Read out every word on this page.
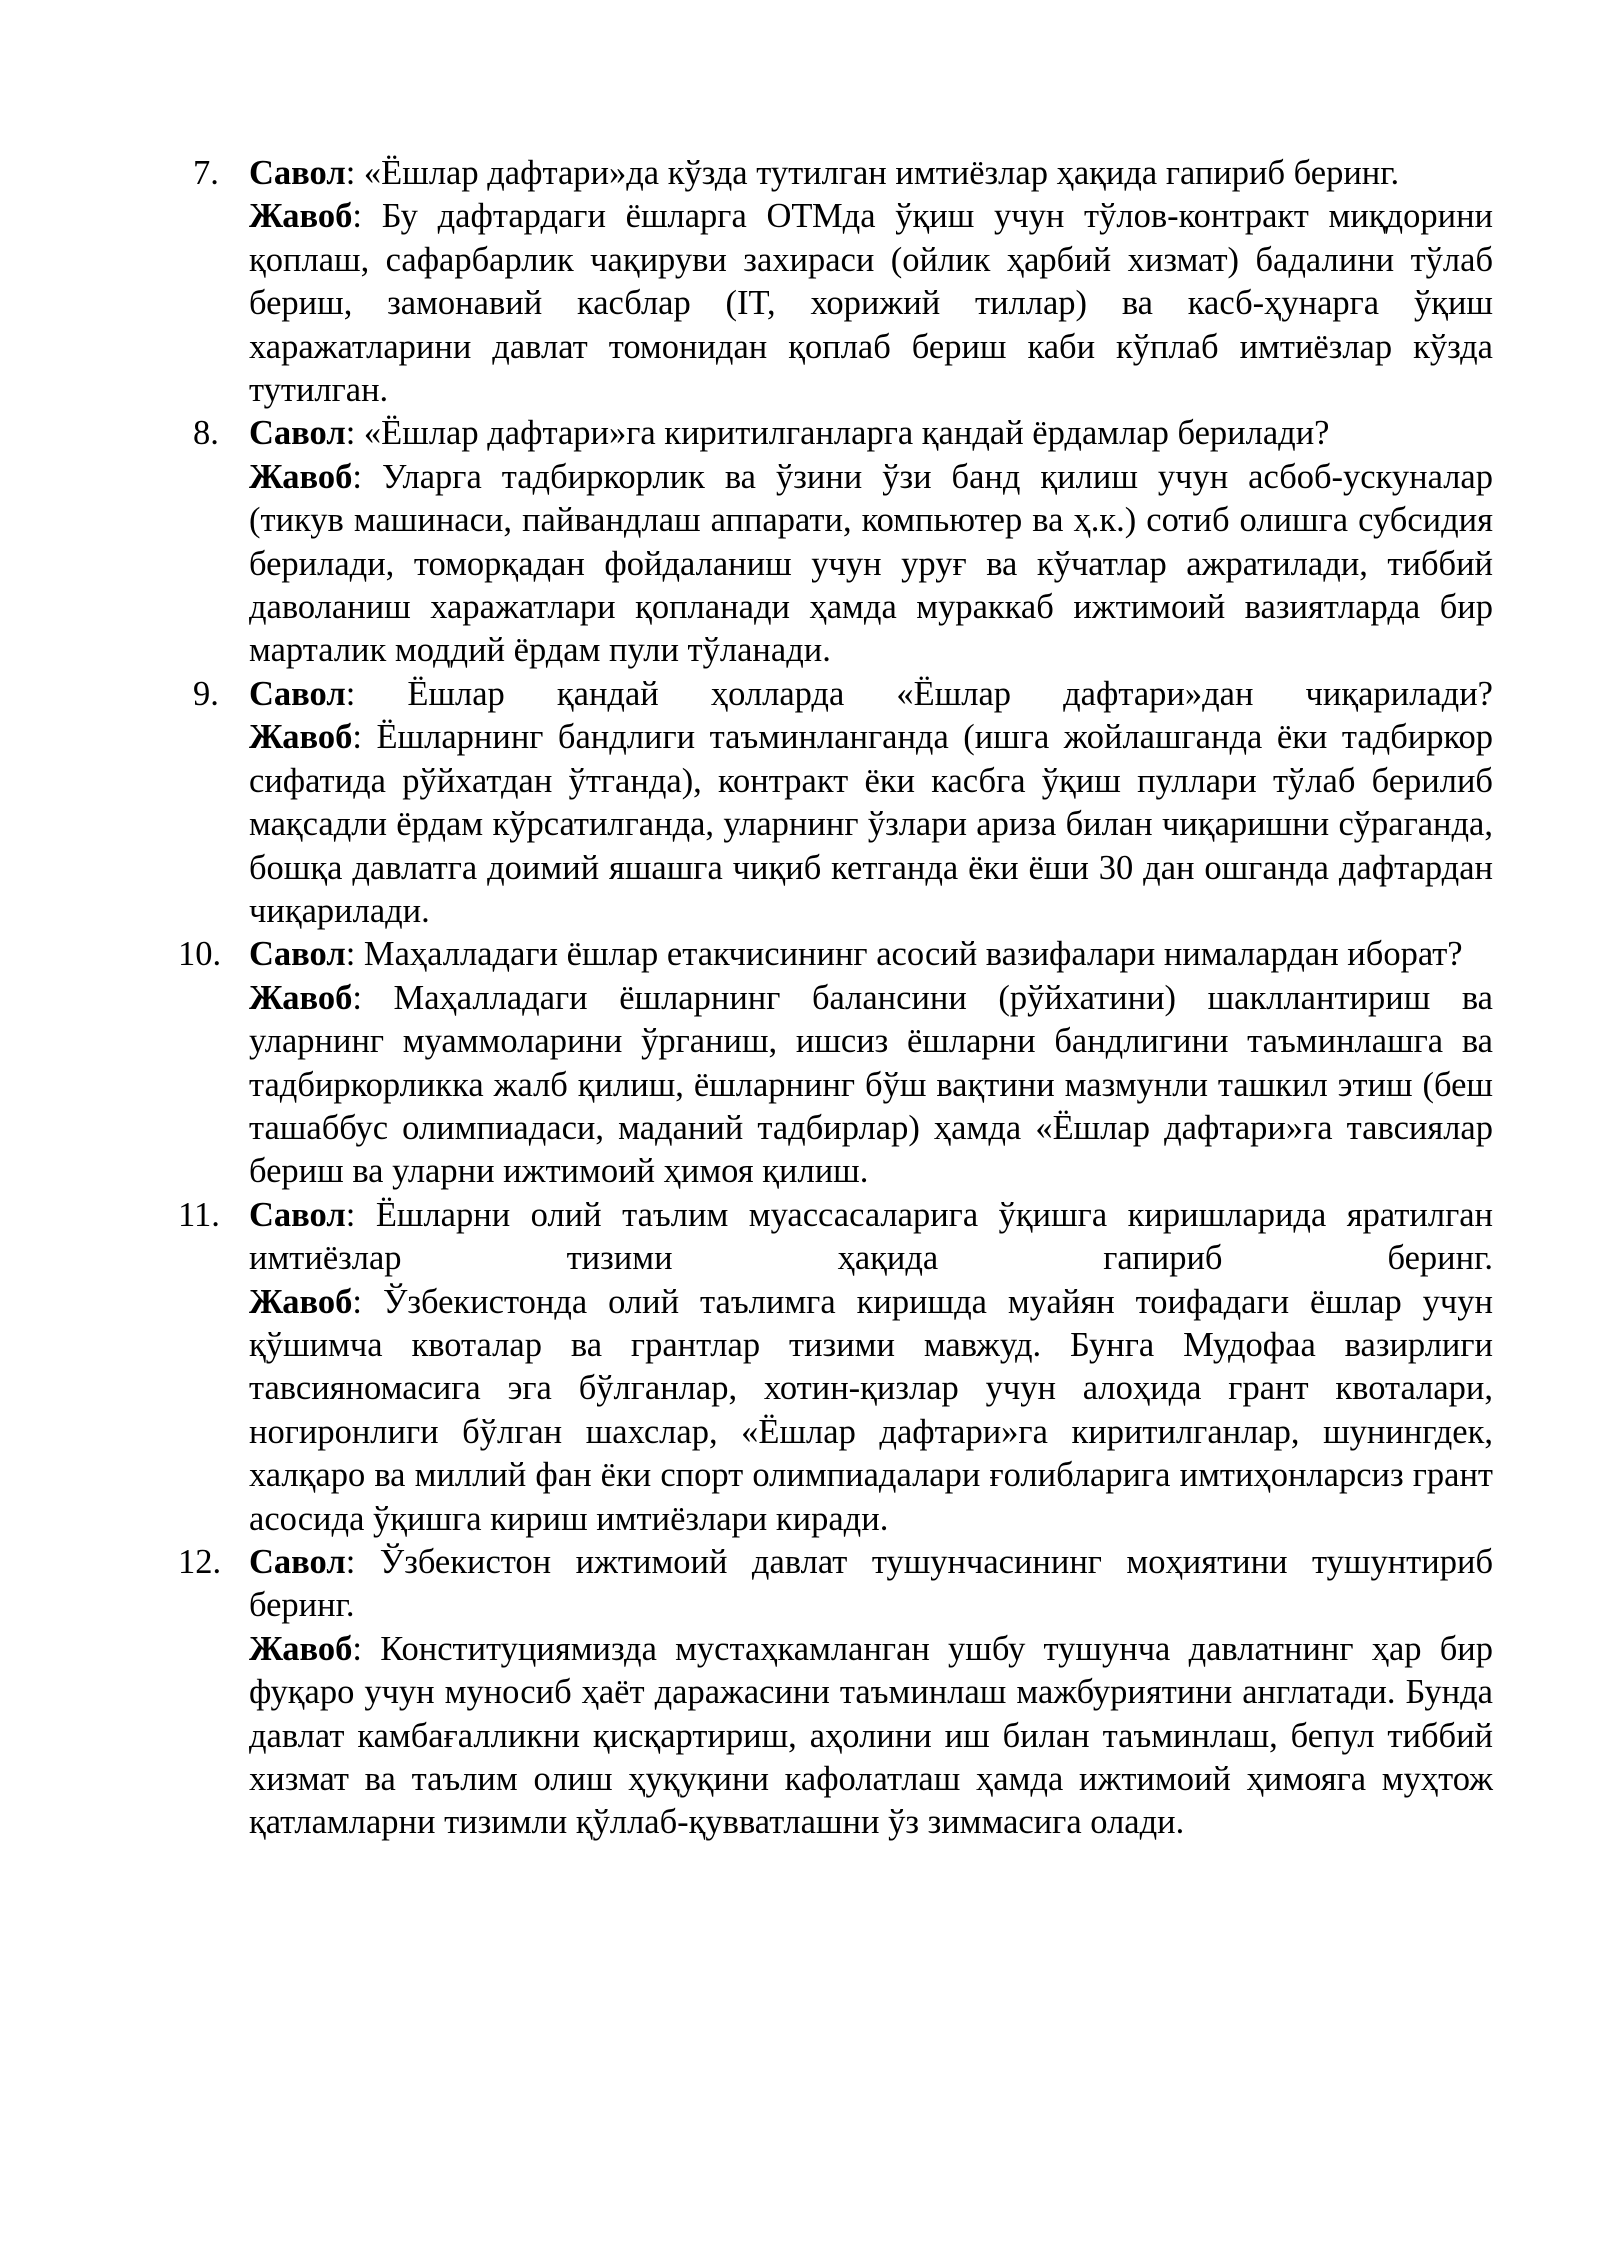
7. Савол: «Ёшлар дафтари»да кўзда тутилган имтиёзлар ҳақида гапириб беринг.

Жавоб: Бу дафтардаги ёшларга ОТМда ўқиш учун тўлов-контракт миқдорини қоплаш, сафарбарлик чақируви захираси (ойлик ҳарбий хизмат) бадалини тўлаб бериш, замонавий касблар (IT, хорижий тиллар) ва касб-ҳунарга ўқиш харажатларини давлат томонидан қоплаб бериш каби кўплаб имтиёзлар кўзда тутилган.

8. Савол: «Ёшлар дафтари»га киритилганларга қандай ёрдамлар берилади?

Жавоб: Уларга тадбиркорлик ва ўзини ўзи банд қилиш учун асбоб-ускуналар (тикув машинаси, пайвандлаш аппарати, компьютер ва ҳ.к.) сотиб олишга субсидия берилади, томорқадан фойдаланиш учун уруғ ва кўчатлар ажратилади, тиббий даволаниш харажатлари қопланади ҳамда мураккаб ижтимоий вазиятларда бир марталик моддий ёрдам пули тўланади.

9. Савол: Ёшлар қандай ҳолларда «Ёшлар дафтари»дан чиқарилади?

Жавоб: Ёшларнинг бандлиги таъминланганда (ишга жойлашганда ёки тадбиркор сифатида рўйхатдан ўтганда), контракт ёки касбга ўқиш пуллари тўлаб берилиб мақсадли ёрдам кўрсатилганда, уларнинг ўзлари ариза билан чиқаришни сўраганда, бошқа давлатга доимий яшашга чиқиб кетганда ёки ёши 30 дан ошганда дафтардан чиқарилади.

10. Савол: Маҳалладаги ёшлар етакчисининг асосий вазифалари нималардан иборат?

Жавоб: Маҳалладаги ёшларнинг балансини (рўйхатини) шакллантириш ва уларнинг муаммоларини ўрганиш, ишсиз ёшларни бандлигини таъминлашга ва тадбиркорликка жалб қилиш, ёшларнинг бўш вақтини мазмунли ташкил этиш (беш ташаббус олимпиадаси, маданий тадбирлар) ҳамда «Ёшлар дафтари»га тавсиялар бериш ва уларни ижтимоий ҳимоя қилиш.

11. Савол: Ёшларни олий таълим муассасаларига ўқишга киришларида яратилган имтиёзлар тизими ҳақида гапириб беринг.

Жавоб: Ўзбекистонда олий таълимга киришда муайян тоифадаги ёшлар учун қўшимча квоталар ва грантлар тизими мавжуд. Бунга Мудофаа вазирлиги тавсияномасига эга бўлганлар, хотин-қизлар учун алоҳида грант квоталари, ногиронлиги бўлган шахслар, «Ёшлар дафтари»га киритилганлар, шунингдек, халқаро ва миллий фан ёки спорт олимпиадалари ғолибларига имтиҳонларсиз грант асосида ўқишга кириш имтиёзлари киради.

12. Савол: Ўзбекистон ижтимоий давлат тушунчасининг моҳиятини тушунтириб беринг.

Жавоб: Конституциямизда мустаҳкамланган ушбу тушунча давлатнинг ҳар бир фуқаро учун муносиб ҳаёт даражасини таъминлаш мажбуриятини англатади. Бунда давлат камбағалликни қисқартириш, аҳолини иш билан таъминлаш, бепул тиббий хизмат ва таълим олиш ҳуқуқини кафолатлаш ҳамда ижтимоий ҳимояга муҳтож қатламларни тизимли қўллаб-қувватлашни ўз зиммасига олади.
